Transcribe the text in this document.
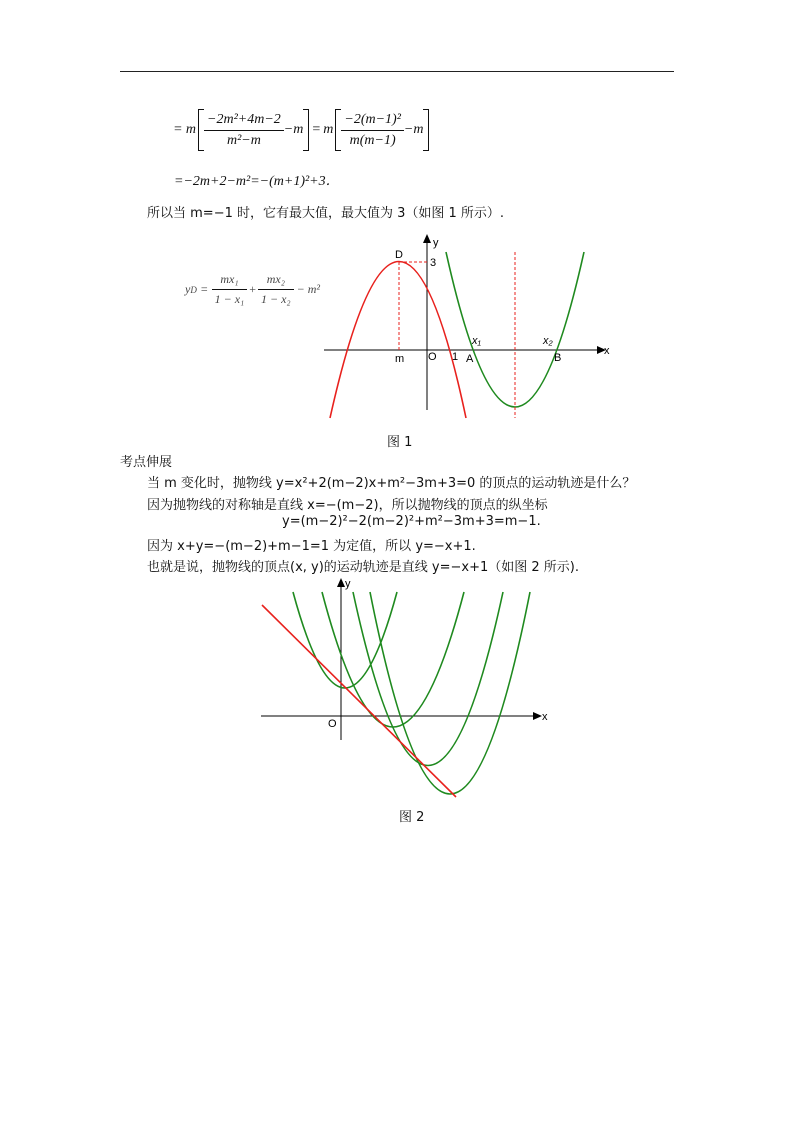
= m $\frac{\text{−2m²+4m−2}}{\text{m²−m}} -m = m \frac{\text{−2(m−1)²}}{m(m-1)} -m$
=−2m+2−m²=−(m+1)²+3．
所以当 m=−1 时，它有最大值，最大值为 3（如图 1 所示）.
y $D = \frac{\text{mx₁}}{\text{1 − x₁}} + \frac{\text{mx₂}}{\text{1 − x₂}} - m^2$
y
x
O 1
m
D
3
A	B
x₁	x₂
图 1
考点伸展
当 m 变化时，抛物线 y=x²+2(m−2)x+m²−3m+3=0 的顶点的运动轨迹是什么？
因为抛物线的对称轴是直线 x=−(m−2)，所以抛物线的顶点的纵坐标
y=(m−2)²−2(m−2)²+m²−3m+3=m−1.
因为 x+y=−(m−2)+m−1=1 为定值，所以 y=−x+1.
也就是说，抛物线的顶点(x, y)的运动轨迹是直线 y=−x+1（如图 2 所示).
y
x
O
图 2
